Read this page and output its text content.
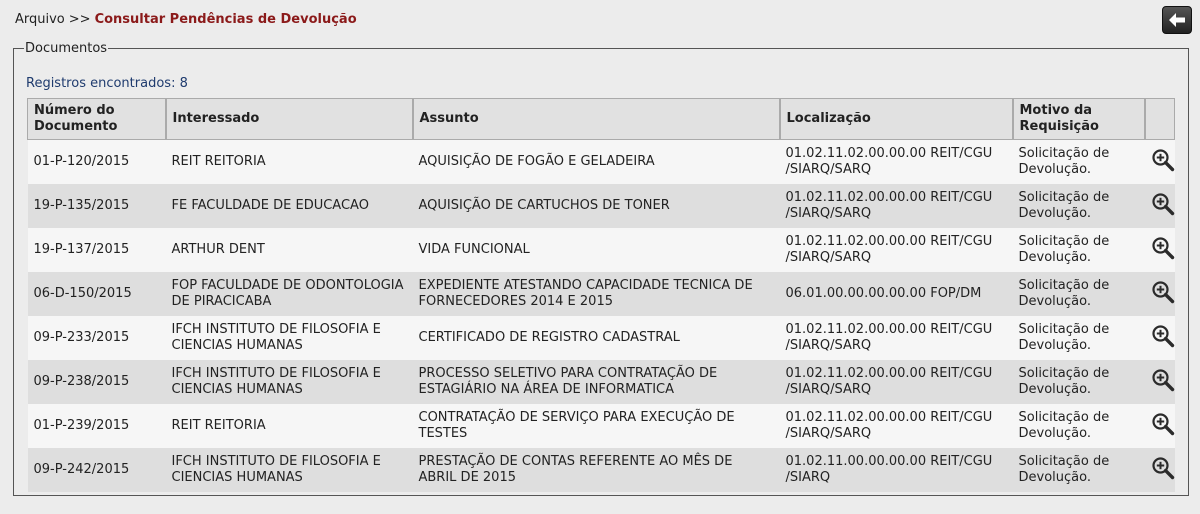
Arquivo >> Consultar Pendências de Devolução
Documentos
Registros encontrados: 8
Número do Documento	Interessado	Assunto	Localização	Motivo da Requisição	
01-P-120/2015	REIT REITORIA	AQUISIÇÃO DE FOGÃO E GELADEIRA	01.02.11.02.00.00.00 REIT/CGU /SIARQ/SARQ	Solicitação de Devolução.	
19-P-135/2015	FE FACULDADE DE EDUCACAO	AQUISIÇÃO DE CARTUCHOS DE TONER	01.02.11.02.00.00.00 REIT/CGU /SIARQ/SARQ	Solicitação de Devolução.	
19-P-137/2015	ARTHUR DENT	VIDA FUNCIONAL	01.02.11.02.00.00.00 REIT/CGU /SIARQ/SARQ	Solicitação de Devolução.	
06-D-150/2015	FOP FACULDADE DE ODONTOLOGIA DE PIRACICABA	EXPEDIENTE ATESTANDO CAPACIDADE TECNICA DE FORNECEDORES 2014 E 2015	06.01.00.00.00.00.00 FOP/DM	Solicitação de Devolução.	
09-P-233/2015	IFCH INSTITUTO DE FILOSOFIA E CIENCIAS HUMANAS	CERTIFICADO DE REGISTRO CADASTRAL	01.02.11.02.00.00.00 REIT/CGU /SIARQ/SARQ	Solicitação de Devolução.	
09-P-238/2015	IFCH INSTITUTO DE FILOSOFIA E CIENCIAS HUMANAS	PROCESSO SELETIVO PARA CONTRATAÇÃO DE ESTAGIÁRIO NA ÁREA DE INFORMATICA	01.02.11.02.00.00.00 REIT/CGU /SIARQ/SARQ	Solicitação de Devolução.	
01-P-239/2015	REIT REITORIA	CONTRATAÇÃO DE SERVIÇO PARA EXECUÇÃO DE TESTES	01.02.11.02.00.00.00 REIT/CGU /SIARQ/SARQ	Solicitação de Devolução.	
09-P-242/2015	IFCH INSTITUTO DE FILOSOFIA E CIENCIAS HUMANAS	PRESTAÇÃO DE CONTAS REFERENTE AO MÊS DE ABRIL DE 2015	01.02.11.00.00.00.00 REIT/CGU /SIARQ	Solicitação de Devolução.	
